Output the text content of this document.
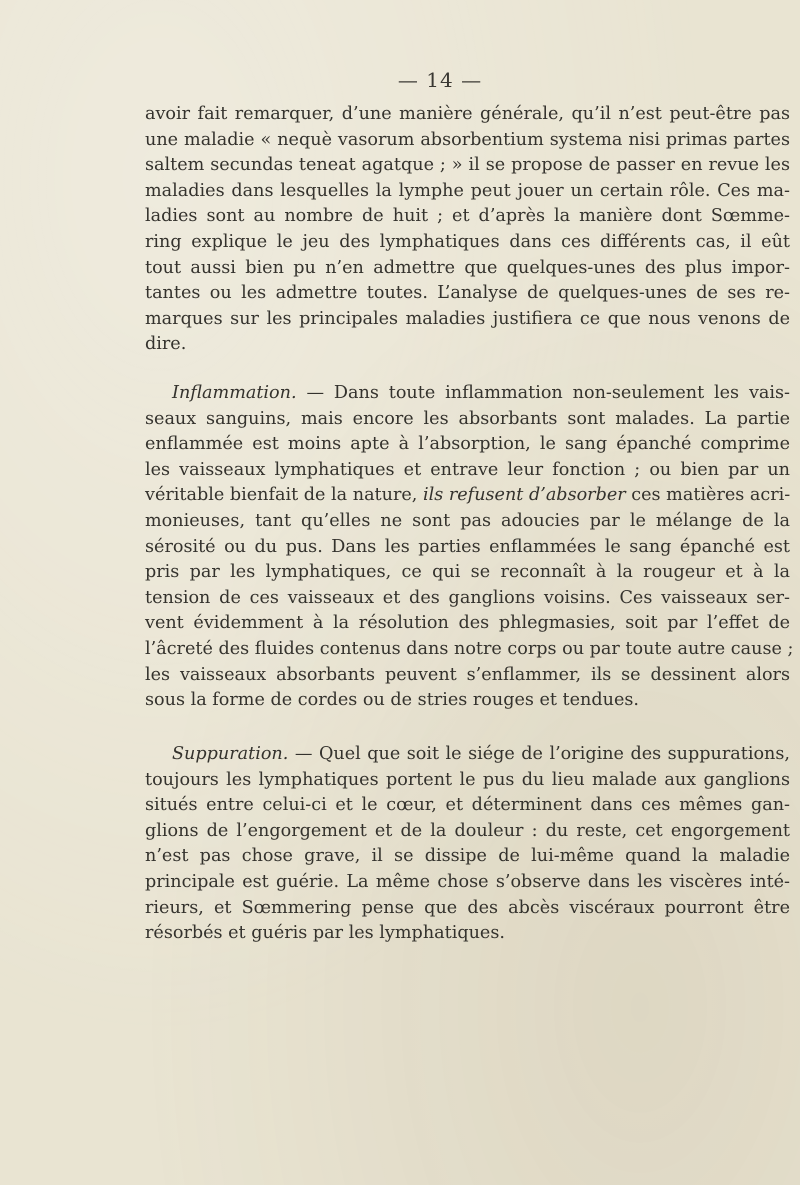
— 14 —
avoir fait remarquer, d’une manière générale, qu’il n’est peut-être pas
une maladie « nequè vasorum absorbentium systema nisi primas partes
saltem secundas teneat agatque ; » il se propose de passer en revue les
maladies dans lesquelles la lymphe peut jouer un certain rôle. Ces ma-
ladies sont au nombre de huit ; et d’après la manière dont Sœmme-
ring explique le jeu des lymphatiques dans ces différents cas, il eût
tout aussi bien pu n’en admettre que quelques-unes des plus impor-
tantes ou les admettre toutes. L’analyse de quelques-unes de ses re-
marques sur les principales maladies justifiera ce que nous venons de
dire.
Inflammation. — Dans toute inflammation non-seulement les vais-
seaux sanguins, mais encore les absorbants sont malades. La partie
enflammée est moins apte à l’absorption, le sang épanché comprime
les vaisseaux lymphatiques et entrave leur fonction ; ou bien par un
véritable bienfait de la nature, ils refusent d’absorber ces matières acri-
monieuses, tant qu’elles ne sont pas adoucies par le mélange de la
sérosité ou du pus. Dans les parties enflammées le sang épanché est
pris par les lymphatiques, ce qui se reconnaît à la rougeur et à la
tension de ces vaisseaux et des ganglions voisins. Ces vaisseaux ser-
vent évidemment à la résolution des phlegmasies, soit par l’effet de
l’âcreté des fluides contenus dans notre corps ou par toute autre cause ;
les vaisseaux absorbants peuvent s’enflammer, ils se dessinent alors
sous la forme de cordes ou de stries rouges et tendues.
Suppuration. — Quel que soit le siége de l’origine des suppurations,
toujours les lymphatiques portent le pus du lieu malade aux ganglions
situés entre celui-ci et le cœur, et déterminent dans ces mêmes gan-
glions de l’engorgement et de la douleur : du reste, cet engorgement
n’est pas chose grave, il se dissipe de lui-même quand la maladie
principale est guérie. La même chose s’observe dans les viscères inté-
rieurs, et Sœmmering pense que des abcès viscéraux pourront être
résorbés et guéris par les lymphatiques.
